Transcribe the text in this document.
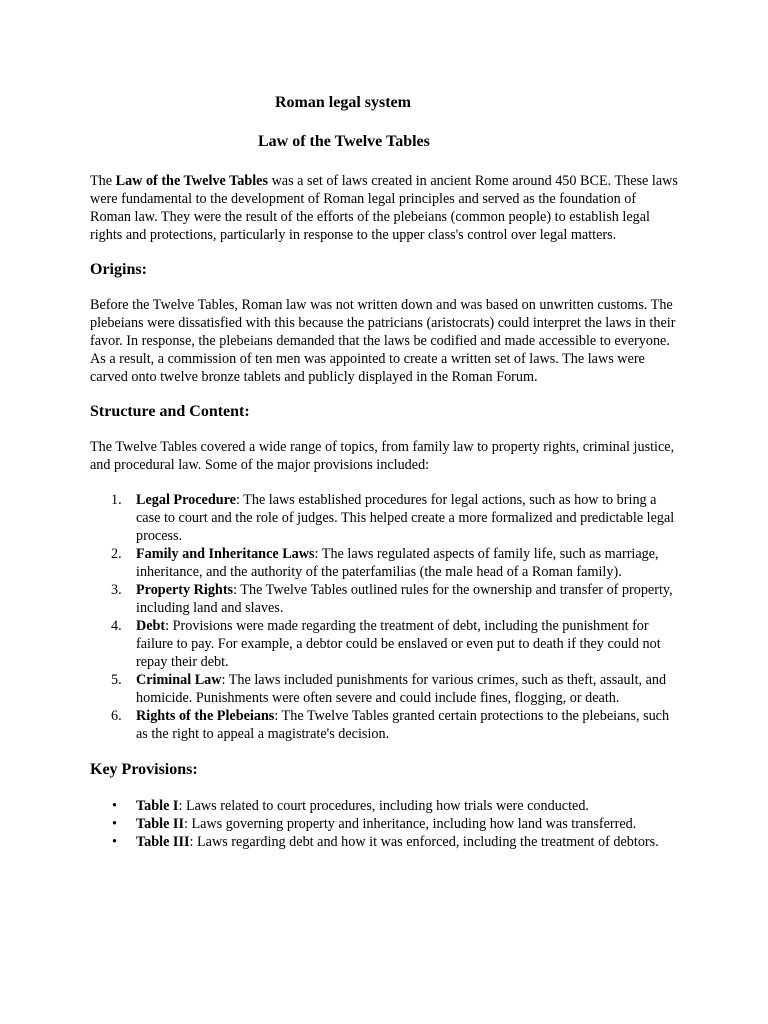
Roman legal system
Law of the Twelve Tables

The Law of the Twelve Tables was a set of laws created in ancient Rome around 450 BCE. These laws were fundamental to the development of Roman legal principles and served as the foundation of Roman law. They were the result of the efforts of the plebeians (common people) to establish legal rights and protections, particularly in response to the upper class's control over legal matters.

Origins:

Before the Twelve Tables, Roman law was not written down and was based on unwritten customs. The plebeians were dissatisfied with this because the patricians (aristocrats) could interpret the laws in their favor. In response, the plebeians demanded that the laws be codified and made accessible to everyone. As a result, a commission of ten men was appointed to create a written set of laws. The laws were carved onto twelve bronze tablets and publicly displayed in the Roman Forum.

Structure and Content:

The Twelve Tables covered a wide range of topics, from family law to property rights, criminal justice, and procedural law. Some of the major provisions included:

1. Legal Procedure: The laws established procedures for legal actions, such as how to bring a case to court and the role of judges. This helped create a more formalized and predictable legal process.
2. Family and Inheritance Laws: The laws regulated aspects of family life, such as marriage, inheritance, and the authority of the paterfamilias (the male head of a Roman family).
3. Property Rights: The Twelve Tables outlined rules for the ownership and transfer of property, including land and slaves.
4. Debt: Provisions were made regarding the treatment of debt, including the punishment for failure to pay. For example, a debtor could be enslaved or even put to death if they could not repay their debt.
5. Criminal Law: The laws included punishments for various crimes, such as theft, assault, and homicide. Punishments were often severe and could include fines, flogging, or death.
6. Rights of the Plebeians: The Twelve Tables granted certain protections to the plebeians, such as the right to appeal a magistrate's decision.
Key Provisions:
• Table I: Laws related to court procedures, including how trials were conducted.
• Table II: Laws governing property and inheritance, including how land was transferred.
• Table III: Laws regarding debt and how it was enforced, including the treatment of debtors.
